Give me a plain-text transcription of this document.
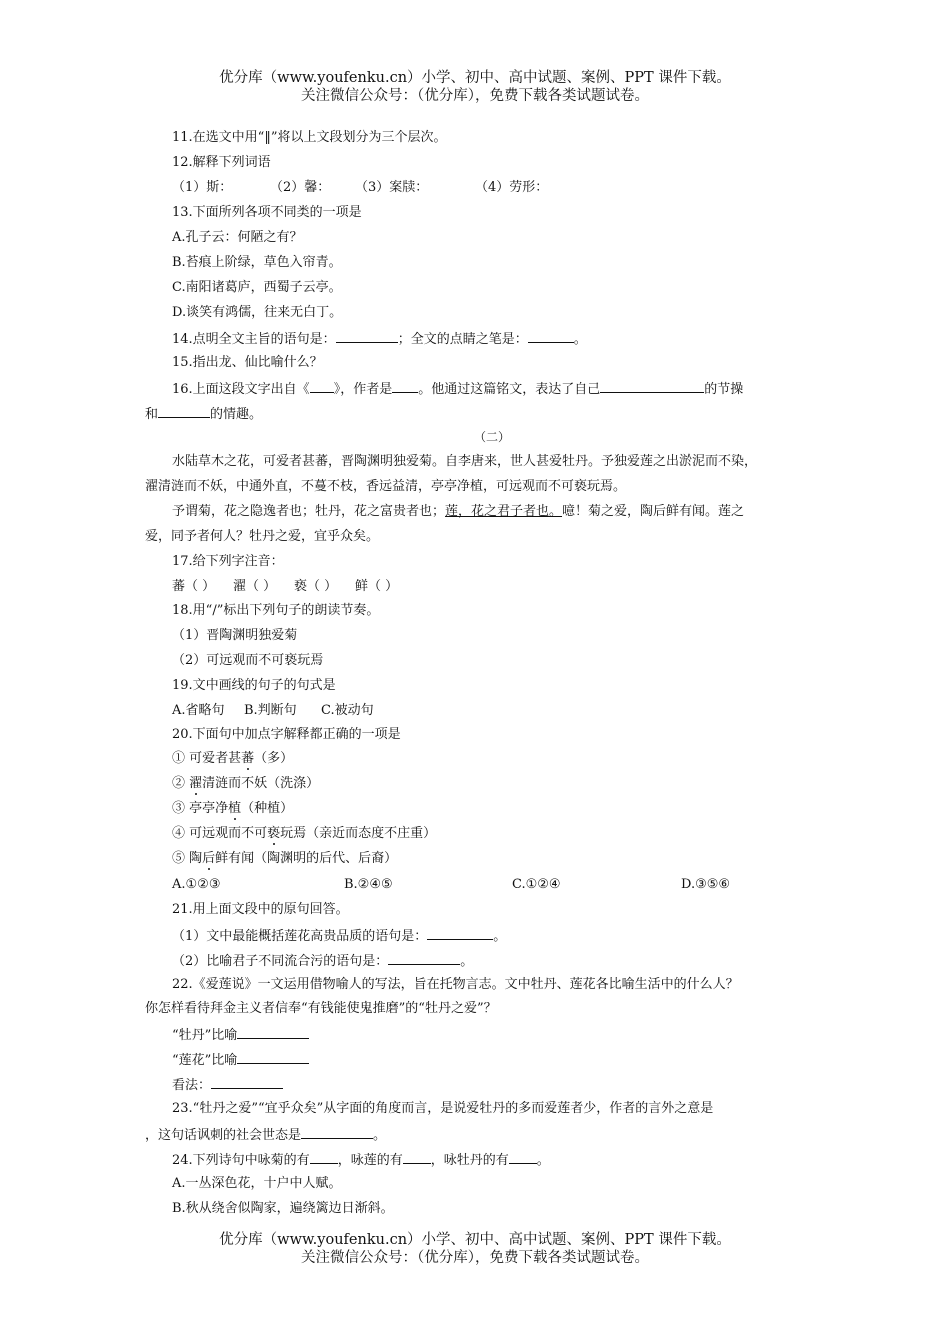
优分库（www.youfenku.cn）小学、初中、高中试题、案例、PPT 课件下载。
关注微信公众号：（优分库），免费下载各类试题试卷。
11.在选文中用“‖”将以上文段划分为三个层次。
12.解释下列词语
（1）斯：	（2）馨： （3）案牍：	（4）劳形：
13.下面所列各项不同类的一项是
A.孔子云：何陋之有？
B.苔痕上阶绿，草色入帘青。
C.南阳诸葛庐，西蜀子云亭。
D.谈笑有鸿儒，往来无白丁。
14.点明全文主旨的语句是：	；全文的点睛之笔是：	。
15.指出龙、仙比喻什么？
16.上面这段文字出自《 》，作者是 。他通过这篇铭文，表达了自己	的节操
和	的情趣。
（二）
水陆草木之花，可爱者甚蕃，晋陶渊明独爱菊。自李唐来，世人甚爱牡丹。予独爱莲之出淤泥而不染，
濯清涟而不妖，中通外直，不蔓不枝，香远益清，亭亭净植，可远观而不可亵玩焉。
予谓菊，花之隐逸者也；牡丹，花之富贵者也；莲，花之君子者也。噫！菊之爱，陶后鲜有闻。莲之
爱，同予者何人？牡丹之爱，宜乎众矣。
17.给下列字注音：
蕃（ ） 濯（ ） 亵（ ） 鲜（ ）
18.用“/”标出下列句子的朗读节奏。
（1）晋陶渊明独爱菊
（2）可远观而不可亵玩焉
19.文中画线的句子的句式是
A.省略句 B.判断句 C.被动句
20.下面句中加点字解释都正确的一项是
① 可爱者甚蕃（多）
② 濯清涟而不妖（洗涤）
③ 亭亭净植（种植）
④ 可远观而不可亵玩焉（亲近而态度不庄重）
⑤ 陶后鲜有闻（陶渊明的后代、后裔）
A.①②③	B.②④⑤	C.①②④	D.③⑤⑥
21.用上面文段中的原句回答。
（1）文中最能概括莲花高贵品质的语句是：	。
（2）比喻君子不同流合污的语句是：	。
22.《爱莲说》一文运用借物喻人的写法，旨在托物言志。文中牡丹、莲花各比喻生活中的什么人？
你怎样看待拜金主义者信奉“有钱能使鬼推磨”的“牡丹之爱”？
“牡丹”比喻
“莲花”比喻
看法：
23.“牡丹之爱”“宜乎众矣”从字面的角度而言，是说爱牡丹的多而爱莲者少，作者的言外之意是
，这句话讽刺的社会世态是	。
24.下列诗句中咏菊的有 ，咏莲的有 ，咏牡丹的有 。
A.一丛深色花，十户中人赋。
B.秋从绕舍似陶家，遍绕篱边日渐斜。
优分库（www.youfenku.cn）小学、初中、高中试题、案例、PPT 课件下载。
关注微信公众号：（优分库），免费下载各类试题试卷。
